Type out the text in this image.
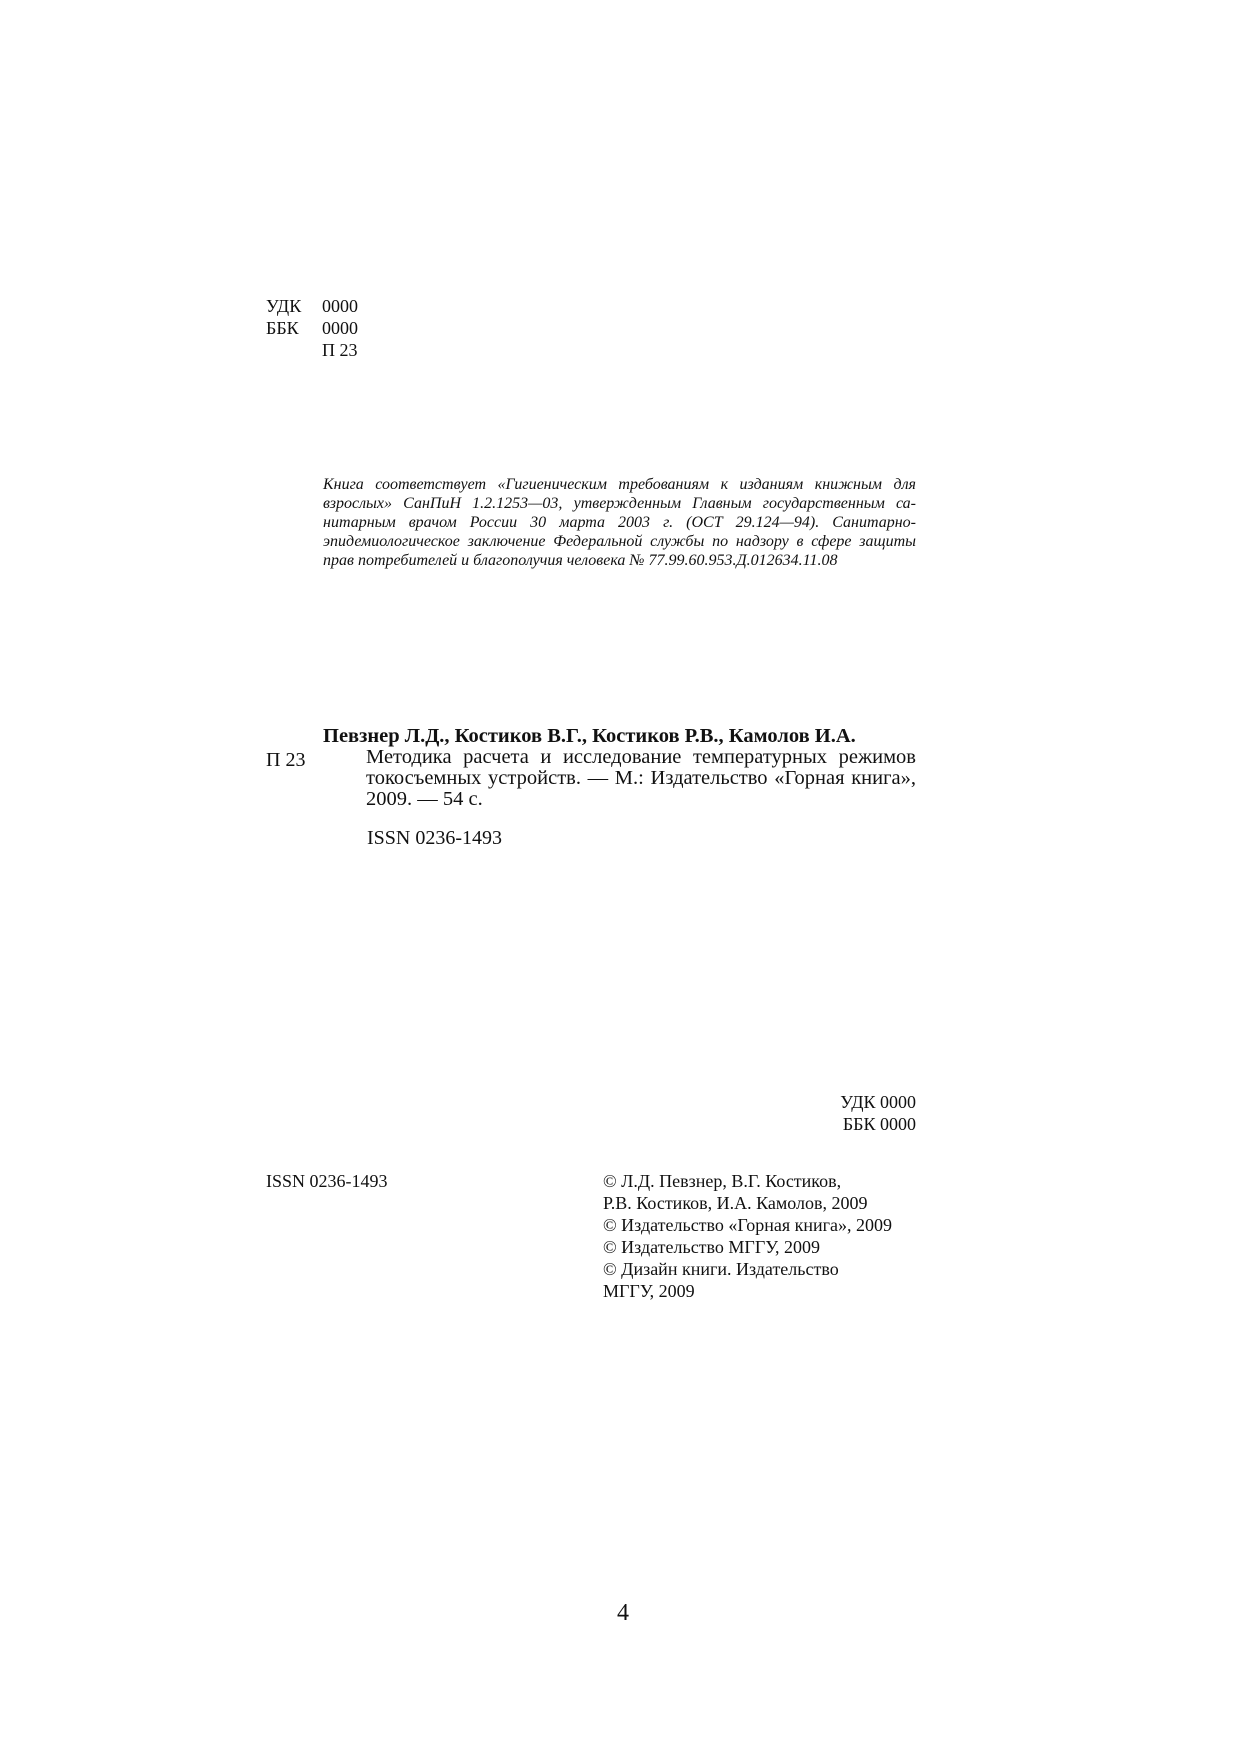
УДК	0000
ББК	0000
П 23
Книга соответствует «Гигиеническим требованиям к изданиям книжным для
взрослых» СанПиН 1.2.1253—03, утвержденным Главным государственным са-
нитарным врачом России 30 марта 2003 г. (ОСТ 29.124—94). Санитарно-
эпидемиологическое заключение Федеральной службы по надзору в сфере защиты
прав потребителей и благополучия человека № 77.99.60.953.Д.012634.11.08
П 23
Певзнер Л.Д., Костиков В.Г., Костиков Р.В., Камолов И.А.
Методика расчета и исследование температурных режимов
токосъемных устройств. — М.: Издательство «Горная книга»,
2009. — 54 с.
ISSN 0236-1493
УДК 0000
ББК 0000
ISSN 0236-1493	© Л.Д. Певзнер, В.Г. Костиков,
Р.В. Костиков, И.А. Камолов, 2009
© Издательство «Горная книга», 2009
© Издательство МГГУ, 2009
© Дизайн книги. Издательство
МГГУ, 2009
4
